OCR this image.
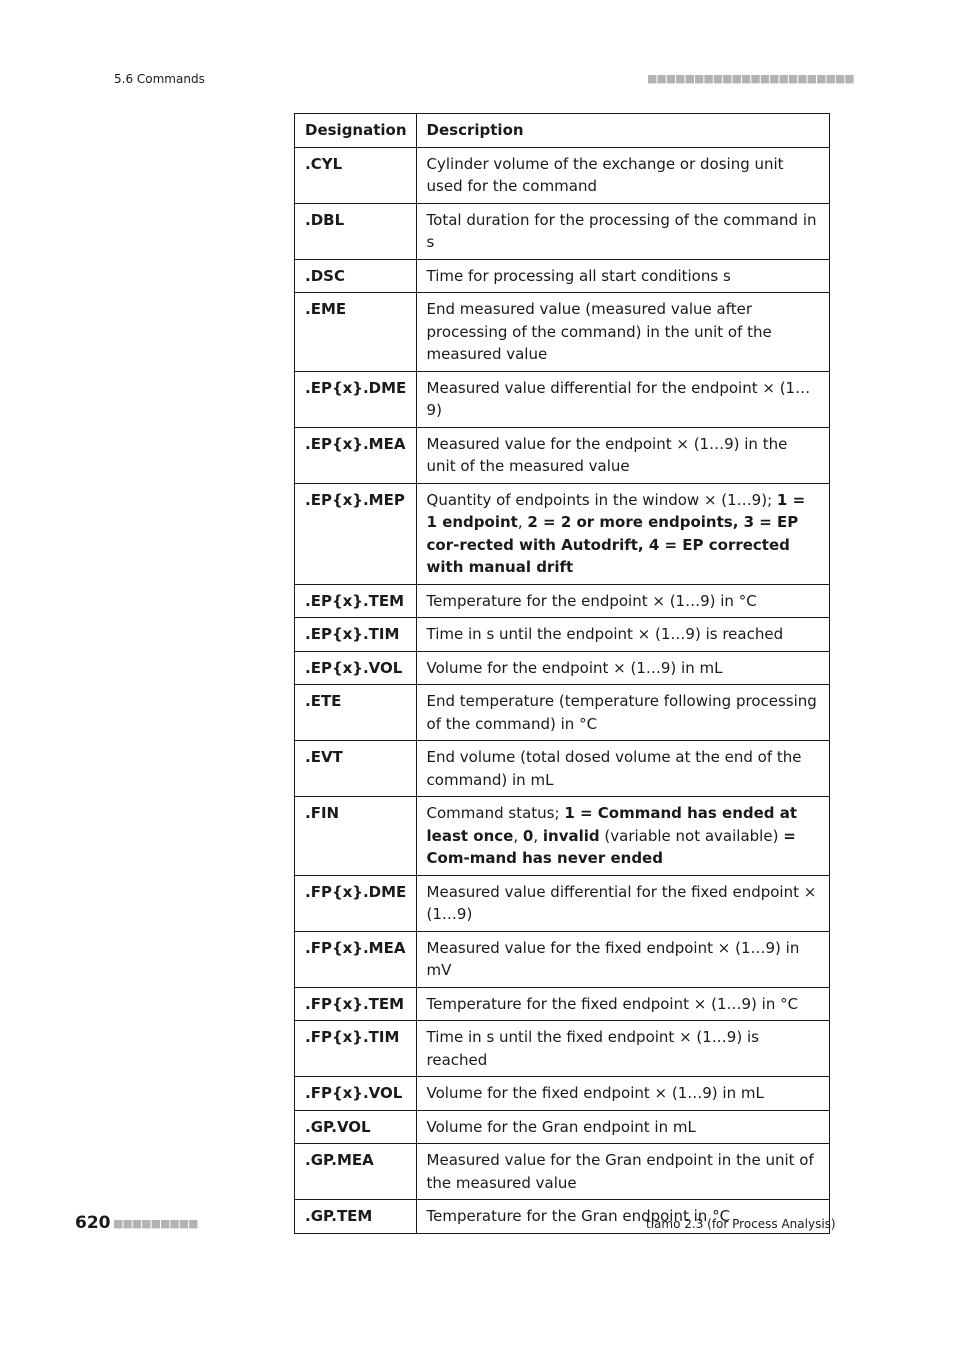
5.6 Commands	■■■■■■■■■■■■■■■■■■■■■■
Designation	Description
.CYL	Cylinder volume of the exchange or dosing unit used for the command
.DBL	Total duration for the processing of the command in s
.DSC	Time for processing all start conditions s
.EME	End measured value (measured value after processing of the command) in the unit of the measured value
.EP{x}.DME	Measured value differential for the endpoint × (1…9)
.EP{x}.MEA	Measured value for the endpoint × (1…9) in the unit of the measured value
.EP{x}.MEP	Quantity of endpoints in the window × (1…9); 1 = 1 endpoint, 2 = 2 or more endpoints, 3 = EP cor-rected with Autodrift, 4 = EP corrected with manual drift
.EP{x}.TEM	Temperature for the endpoint × (1…9) in °C
.EP{x}.TIM	Time in s until the endpoint × (1…9) is reached
.EP{x}.VOL	Volume for the endpoint × (1…9) in mL
.ETE	End temperature (temperature following processing of the command) in °C
.EVT	End volume (total dosed volume at the end of the command) in mL
.FIN	Command status; 1 = Command has ended at least once, 0, invalid (variable not available) = Com-mand has never ended
.FP{x}.DME	Measured value differential for the fixed endpoint × (1…9)
.FP{x}.MEA	Measured value for the fixed endpoint × (1…9) in mV
.FP{x}.TEM	Temperature for the fixed endpoint × (1…9) in °C
.FP{x}.TIM	Time in s until the fixed endpoint × (1…9) is reached
.FP{x}.VOL	Volume for the fixed endpoint × (1…9) in mL
.GP.VOL	Volume for the Gran endpoint in mL
.GP.MEA	Measured value for the Gran endpoint in the unit of the measured value
.GP.TEM	Temperature for the Gran endpoint in °C
620 ■■■■■■■■■	tiamo 2.3 (for Process Analysis)
